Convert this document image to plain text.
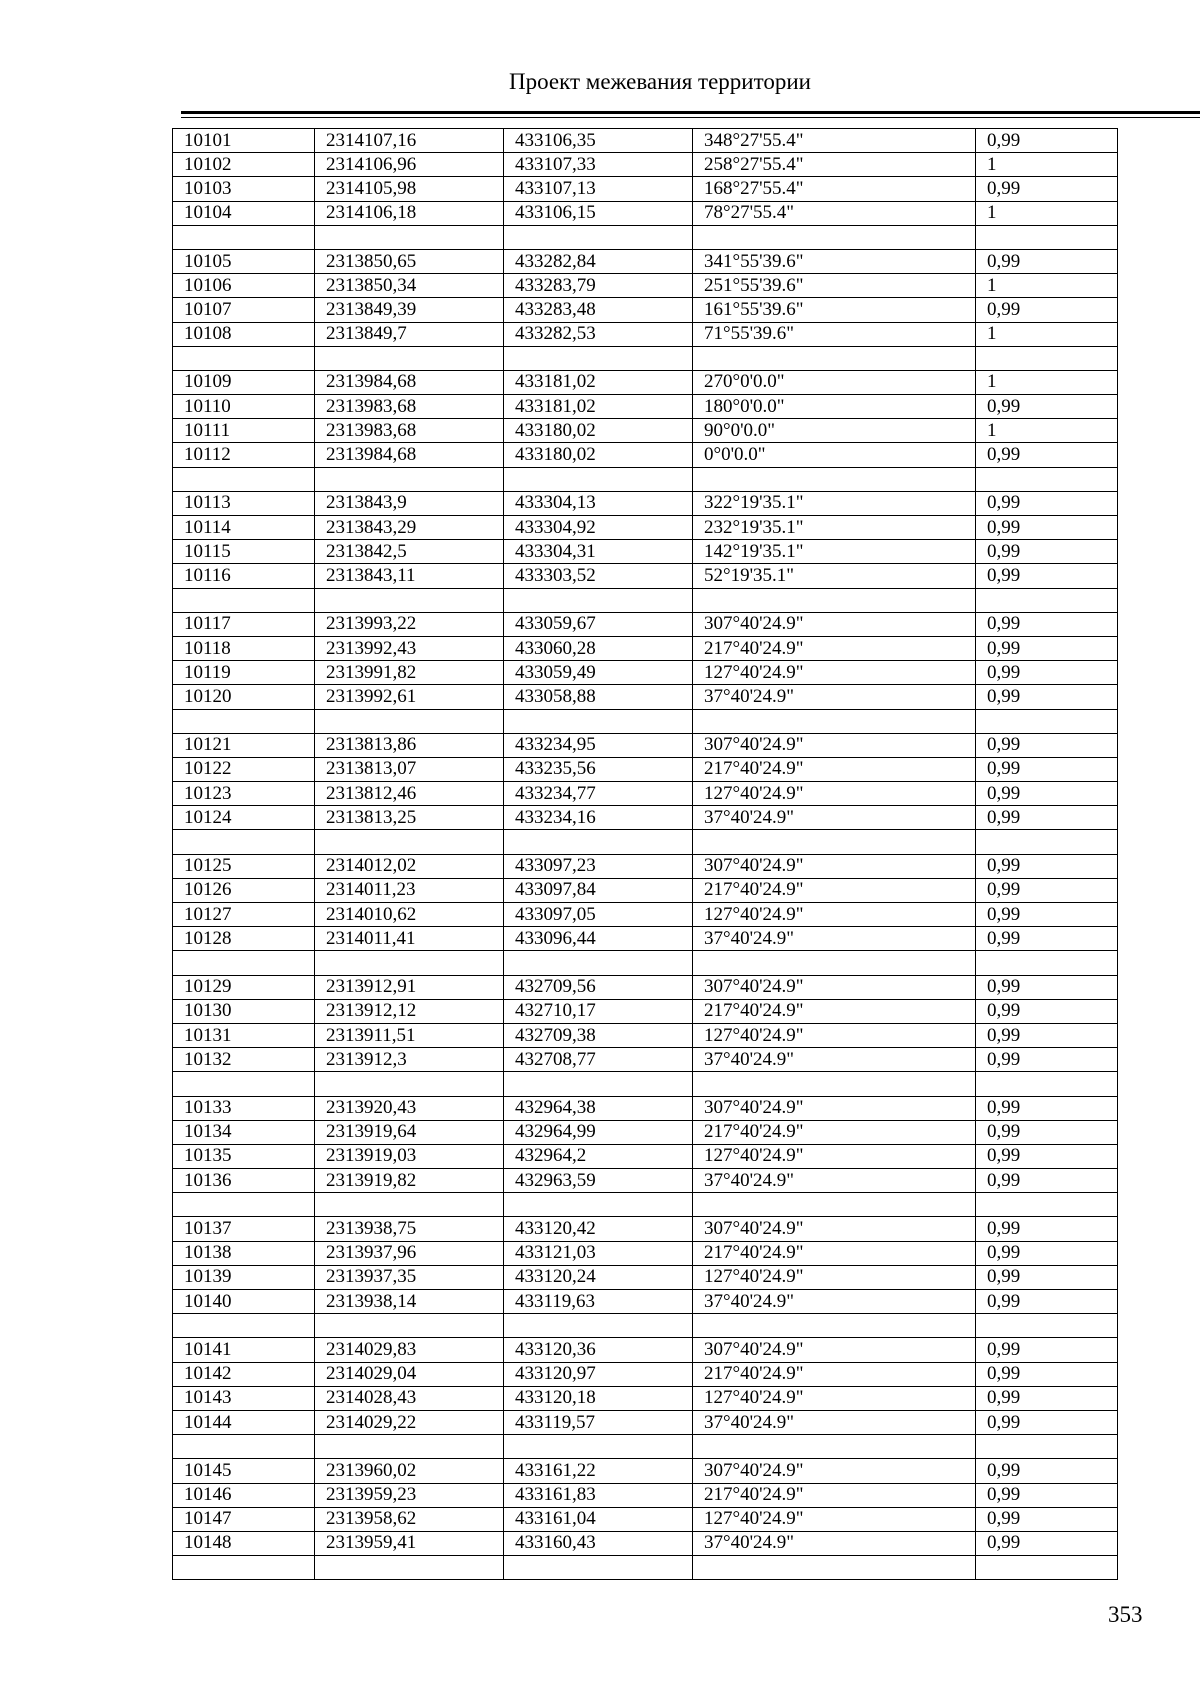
Проект межевания территории
10101	2314107,16	433106,35	348°27'55.4"	0,99
10102	2314106,96	433107,33	258°27'55.4"	1
10103	2314105,98	433107,13	168°27'55.4"	0,99
10104	2314106,18	433106,15	78°27'55.4"	1

10105	2313850,65	433282,84	341°55'39.6"	0,99
10106	2313850,34	433283,79	251°55'39.6"	1
10107	2313849,39	433283,48	161°55'39.6"	0,99
10108	2313849,7	433282,53	71°55'39.6"	1

10109	2313984,68	433181,02	270°0'0.0"	1
10110	2313983,68	433181,02	180°0'0.0"	0,99
10111	2313983,68	433180,02	90°0'0.0"	1
10112	2313984,68	433180,02	0°0'0.0"	0,99

10113	2313843,9	433304,13	322°19'35.1"	0,99
10114	2313843,29	433304,92	232°19'35.1"	0,99
10115	2313842,5	433304,31	142°19'35.1"	0,99
10116	2313843,11	433303,52	52°19'35.1"	0,99

10117	2313993,22	433059,67	307°40'24.9"	0,99
10118	2313992,43	433060,28	217°40'24.9"	0,99
10119	2313991,82	433059,49	127°40'24.9"	0,99
10120	2313992,61	433058,88	37°40'24.9"	0,99

10121	2313813,86	433234,95	307°40'24.9"	0,99
10122	2313813,07	433235,56	217°40'24.9"	0,99
10123	2313812,46	433234,77	127°40'24.9"	0,99
10124	2313813,25	433234,16	37°40'24.9"	0,99

10125	2314012,02	433097,23	307°40'24.9"	0,99
10126	2314011,23	433097,84	217°40'24.9"	0,99
10127	2314010,62	433097,05	127°40'24.9"	0,99
10128	2314011,41	433096,44	37°40'24.9"	0,99

10129	2313912,91	432709,56	307°40'24.9"	0,99
10130	2313912,12	432710,17	217°40'24.9"	0,99
10131	2313911,51	432709,38	127°40'24.9"	0,99
10132	2313912,3	432708,77	37°40'24.9"	0,99

10133	2313920,43	432964,38	307°40'24.9"	0,99
10134	2313919,64	432964,99	217°40'24.9"	0,99
10135	2313919,03	432964,2	127°40'24.9"	0,99
10136	2313919,82	432963,59	37°40'24.9"	0,99

10137	2313938,75	433120,42	307°40'24.9"	0,99
10138	2313937,96	433121,03	217°40'24.9"	0,99
10139	2313937,35	433120,24	127°40'24.9"	0,99
10140	2313938,14	433119,63	37°40'24.9"	0,99

10141	2314029,83	433120,36	307°40'24.9"	0,99
10142	2314029,04	433120,97	217°40'24.9"	0,99
10143	2314028,43	433120,18	127°40'24.9"	0,99
10144	2314029,22	433119,57	37°40'24.9"	0,99

10145	2313960,02	433161,22	307°40'24.9"	0,99
10146	2313959,23	433161,83	217°40'24.9"	0,99
10147	2313958,62	433161,04	127°40'24.9"	0,99
10148	2313959,41	433160,43	37°40'24.9"	0,99

353
